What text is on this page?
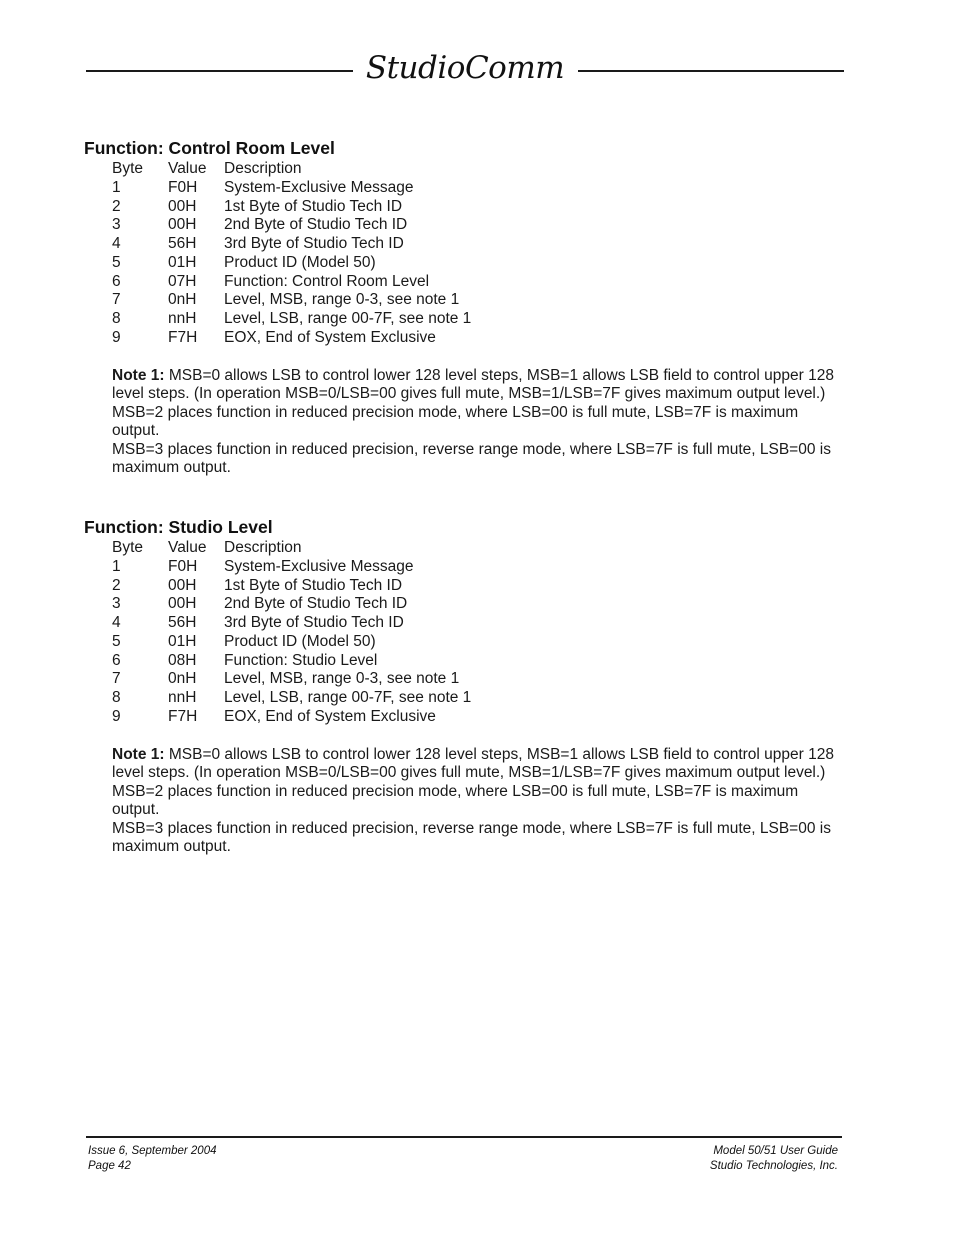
StudioComm
Function: Control Room Level
Byte	Value	Description
1	F0H	System-Exclusive Message
2	00H	1st Byte of Studio Tech ID
3	00H	2nd Byte of Studio Tech ID
4	56H	3rd Byte of Studio Tech ID
5	01H	Product ID (Model 50)
6	07H	Function: Control Room Level
7	0nH	Level, MSB, range 0-3, see note 1
8	nnH	Level, LSB, range 00-7F, see note 1
9	F7H	EOX, End of System Exclusive

Note 1: MSB=0 allows LSB to control lower 128 level steps, MSB=1 allows LSB field to control upper 128 level steps. (In operation MSB=0/LSB=00 gives full mute, MSB=1/LSB=7F gives maximum output level.)

MSB=2 places function in reduced precision mode, where LSB=00 is full mute, LSB=7F is maximum output.

MSB=3 places function in reduced precision, reverse range mode, where LSB=7F is full mute, LSB=00 is maximum output.

Function: Studio Level
Byte	Value	Description
1	F0H	System-Exclusive Message
2	00H	1st Byte of Studio Tech ID
3	00H	2nd Byte of Studio Tech ID
4	56H	3rd Byte of Studio Tech ID
5	01H	Product ID (Model 50)
6	08H	Function: Studio Level
7	0nH	Level, MSB, range 0-3, see note 1
8	nnH	Level, LSB, range 00-7F, see note 1
9	F7H	EOX, End of System Exclusive

Note 1: MSB=0 allows LSB to control lower 128 level steps, MSB=1 allows LSB field to control upper 128 level steps. (In operation MSB=0/LSB=00 gives full mute, MSB=1/LSB=7F gives maximum output level.)

MSB=2 places function in reduced precision mode, where LSB=00 is full mute, LSB=7F is maximum output.

MSB=3 places function in reduced precision, reverse range mode, where LSB=7F is full mute, LSB=00 is maximum output.

Issue 6, September 2004
Page 42
Model 50/51 User Guide
Studio Technologies, Inc.
